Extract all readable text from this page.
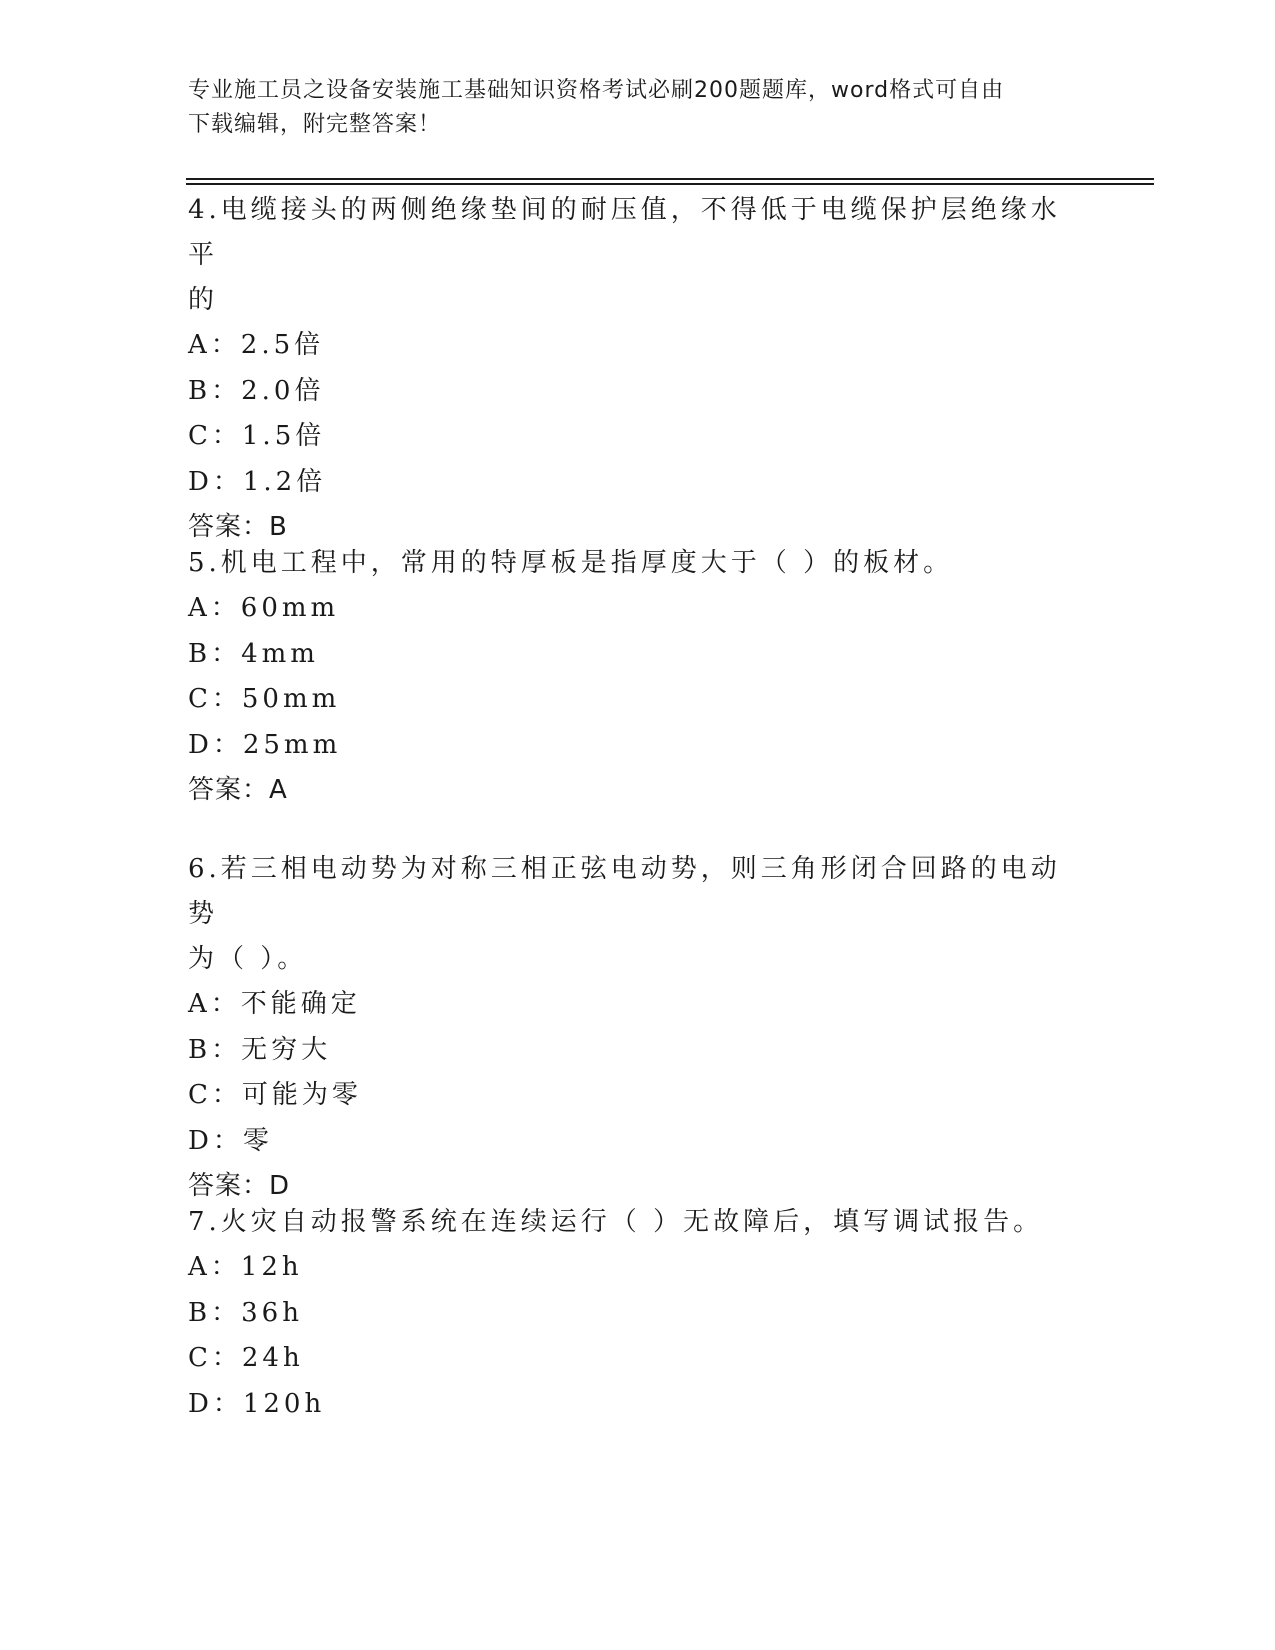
专业施工员之设备安装施工基础知识资格考试必刷200题题库，word格式可自由
下载编辑，附完整答案！

4.电缆接头的两侧绝缘垫间的耐压值，不得低于电缆保护层绝缘水平

的

A：2.5倍

B：2.0倍

C：1.5倍

D：1.2倍

答案：B

5.机电工程中，常用的特厚板是指厚度大于（ ）的板材。

A：60mm

B：4mm

C：50mm

D：25mm

答案：A

6.若三相电动势为对称三相正弦电动势，则三角形闭合回路的电动势

为（ ）。

A：不能确定

B：无穷大

C：可能为零

D：零

答案：D

7.火灾自动报警系统在连续运行（ ）无故障后，填写调试报告。

A：12h

B：36h

C：24h

D：120h
